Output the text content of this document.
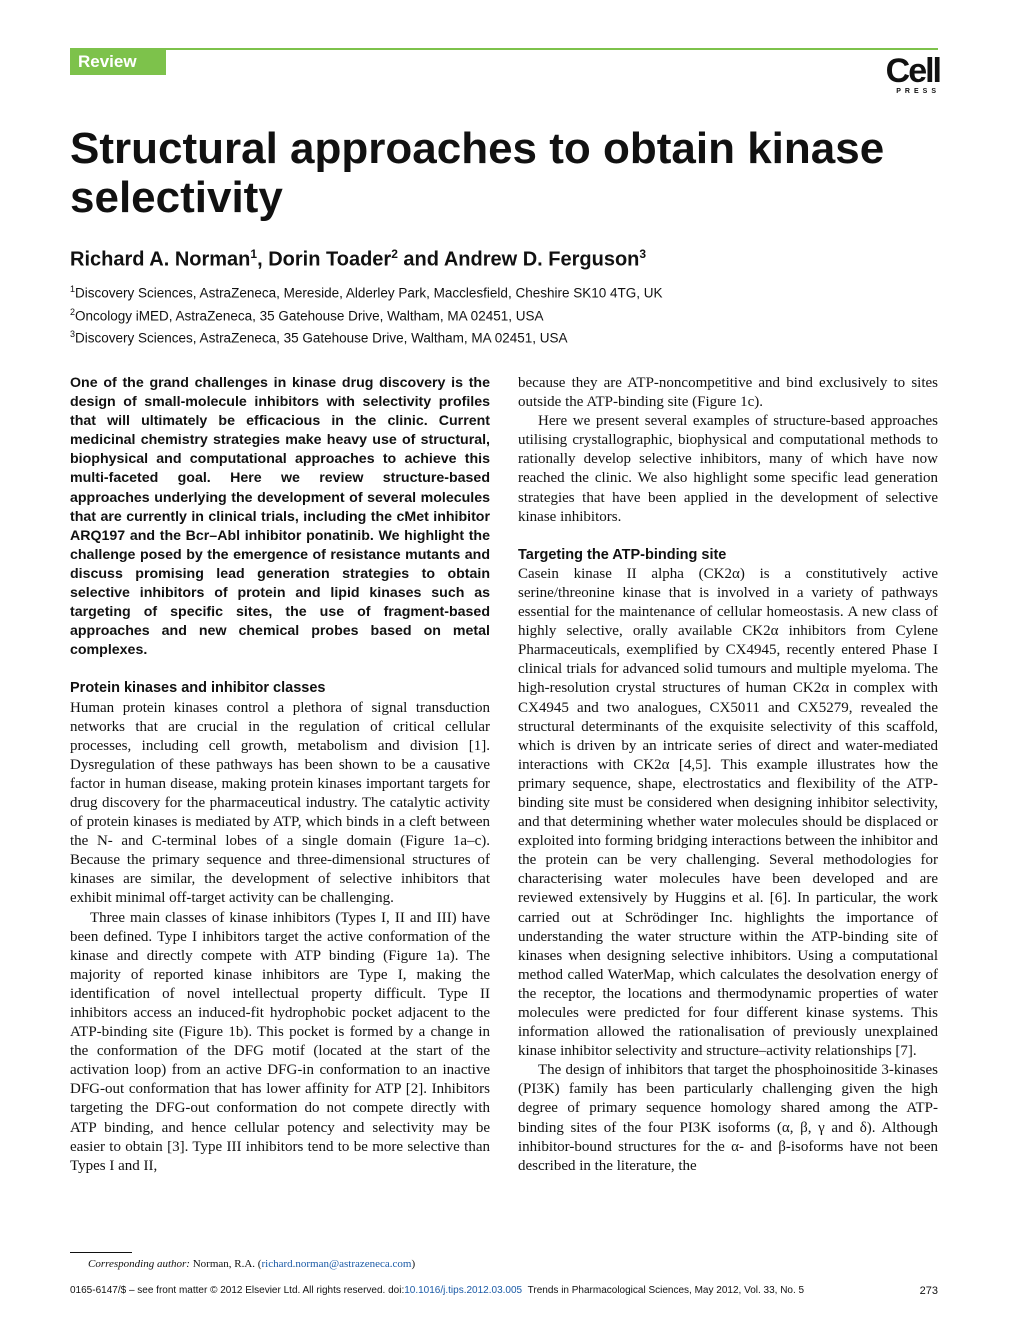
Review	Cell
PRESS
Structural approaches to obtain kinase selectivity
Richard A. Norman$^1$, Dorin Toader$^2$ and Andrew D. Ferguson$^3$
$^1$Discovery Sciences, AstraZeneca, Mereside, Alderley Park, Macclesfield, Cheshire SK10 4TG, UK
$^2$Oncology iMED, AstraZeneca, 35 Gatehouse Drive, Waltham, MA 02451, USA
$^3$Discovery Sciences, AstraZeneca, 35 Gatehouse Drive, Waltham, MA 02451, USA

One of the grand challenges in kinase drug discovery is the design of small-molecule inhibitors with selectivity profiles that will ultimately be efficacious in the clinic. Current medicinal chemistry strategies make heavy use of structural, biophysical and computational approaches to achieve this multi-faceted goal. Here we review structure-based approaches underlying the development of several molecules that are currently in clinical trials, including the cMet inhibitor ARQ197 and the Bcr–Abl inhibitor ponatinib. We highlight the challenge posed by the emergence of resistance mutants and discuss promising lead generation strategies to obtain selective inhibitors of protein and lipid kinases such as targeting of specific sites, the use of fragment-based approaches and new chemical probes based on metal complexes.

Protein kinases and inhibitor classes

Human protein kinases control a plethora of signal transduction networks that are crucial in the regulation of critical cellular processes, including cell growth, metabolism and division [1]. Dysregulation of these pathways has been shown to be a causative factor in human disease, making protein kinases important targets for drug discovery for the pharmaceutical industry. The catalytic activity of protein kinases is mediated by ATP, which binds in a cleft between the N- and C-terminal lobes of a single domain (Figure 1a–c). Because the primary sequence and three-dimensional structures of kinases are similar, the development of selective inhibitors that exhibit minimal off-target activity can be challenging.

Three main classes of kinase inhibitors (Types I, II and III) have been defined. Type I inhibitors target the active conformation of the kinase and directly compete with ATP binding (Figure 1a). The majority of reported kinase inhibitors are Type I, making the identification of novel intellectual property difficult. Type II inhibitors access an induced-fit hydrophobic pocket adjacent to the ATP-binding site (Figure 1b). This pocket is formed by a change in the conformation of the DFG motif (located at the start of the activation loop) from an active DFG-in conformation to an inactive DFG-out conformation that has lower affinity for ATP [2]. Inhibitors targeting the DFG-out conformation do not compete directly with ATP binding, and hence cellular potency and selectivity may be easier to obtain [3]. Type III inhibitors tend to be more selective than Types I and II,

because they are ATP-noncompetitive and bind exclusively to sites outside the ATP-binding site (Figure 1c).

Here we present several examples of structure-based approaches utilising crystallographic, biophysical and computational methods to rationally develop selective inhibitors, many of which have now reached the clinic. We also highlight some specific lead generation strategies that have been applied in the development of selective kinase inhibitors.

Targeting the ATP-binding site

Casein kinase II alpha (CK2α) is a constitutively active serine/threonine kinase that is involved in a variety of pathways essential for the maintenance of cellular homeostasis. A new class of highly selective, orally available CK2α inhibitors from Cylene Pharmaceuticals, exemplified by CX4945, recently entered Phase I clinical trials for advanced solid tumours and multiple myeloma. The high-resolution crystal structures of human CK2α in complex with CX4945 and two analogues, CX5011 and CX5279, revealed the structural determinants of the exquisite selectivity of this scaffold, which is driven by an intricate series of direct and water-mediated interactions with CK2α [4,5]. This example illustrates how the primary sequence, shape, electrostatics and flexibility of the ATP-binding site must be considered when designing inhibitor selectivity, and that determining whether water molecules should be displaced or exploited into forming bridging interactions between the inhibitor and the protein can be very challenging. Several methodologies for characterising water molecules have been developed and are reviewed extensively by Huggins et al. [6]. In particular, the work carried out at Schrödinger Inc. highlights the importance of understanding the water structure within the ATP-binding site of kinases when designing selective inhibitors. Using a computational method called WaterMap, which calculates the desolvation energy of the receptor, the locations and thermodynamic properties of water molecules were predicted for four different kinase systems. This information allowed the rationalisation of previously unexplained kinase inhibitor selectivity and structure–activity relationships [7].

The design of inhibitors that target the phosphoinositide 3-kinases (PI3K) family has been particularly challenging given the high degree of primary sequence homology shared among the ATP-binding sites of the four PI3K isoforms (α, β, γ and δ). Although inhibitor-bound structures for the α- and β-isoforms have not been described in the literature, the

Corresponding author: Norman, R.A. (richard.norman@astrazeneca.com)
0165-6147/$ – see front matter © 2012 Elsevier Ltd. All rights reserved. doi:10.1016/j.tips.2012.03.005 Trends in Pharmacological Sciences, May 2012, Vol. 33, No. 5	273
